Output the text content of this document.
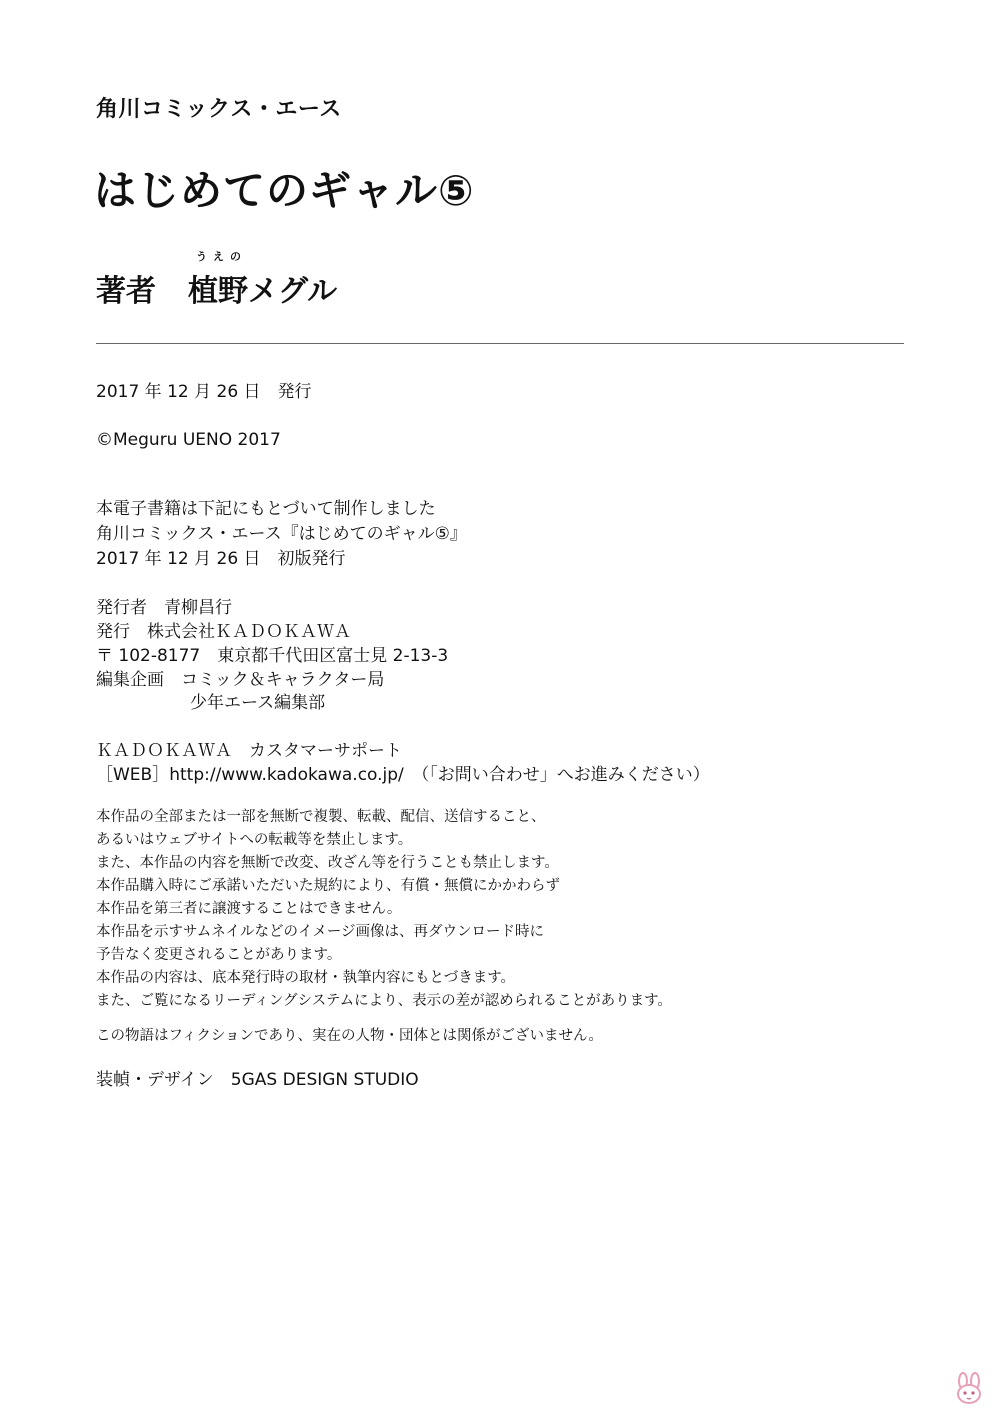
角川コミックス・エース
はじめてのギャル⑤
うえの
著者 植野メグル
2017 年 12 月 26 日　発行
©Meguru UENO 2017
本電子書籍は下記にもとづいて制作しました
角川コミックス・エース『はじめてのギャル⑤』
2017 年 12 月 26 日　初版発行
発行者　青柳昌行
発行　株式会社ＫＡＤＯＫＡＷＡ
〒 102-8177　東京都千代田区富士見 2-13-3
編集企画　コミック＆キャラクター局
少年エース編集部
ＫＡＤＯＫＡＷＡ　カスタマーサポート
［WEB］http://www.kadokawa.co.jp/　（「お問い合わせ」へお進みください）
本作品の全部または一部を無断で複製、転載、配信、送信すること、
あるいはウェブサイトへの転載等を禁止します。
また、本作品の内容を無断で改変、改ざん等を行うことも禁止します。
本作品購入時にご承諾いただいた規約により、有償・無償にかかわらず
本作品を第三者に譲渡することはできません。
本作品を示すサムネイルなどのイメージ画像は、再ダウンロード時に
予告なく変更されることがあります。
本作品の内容は、底本発行時の取材・執筆内容にもとづきます。
また、ご覧になるリーディングシステムにより、表示の差が認められることがあります。
この物語はフィクションであり、実在の人物・団体とは関係がございません。
装幀・デザイン　5GAS DESIGN STUDIO
